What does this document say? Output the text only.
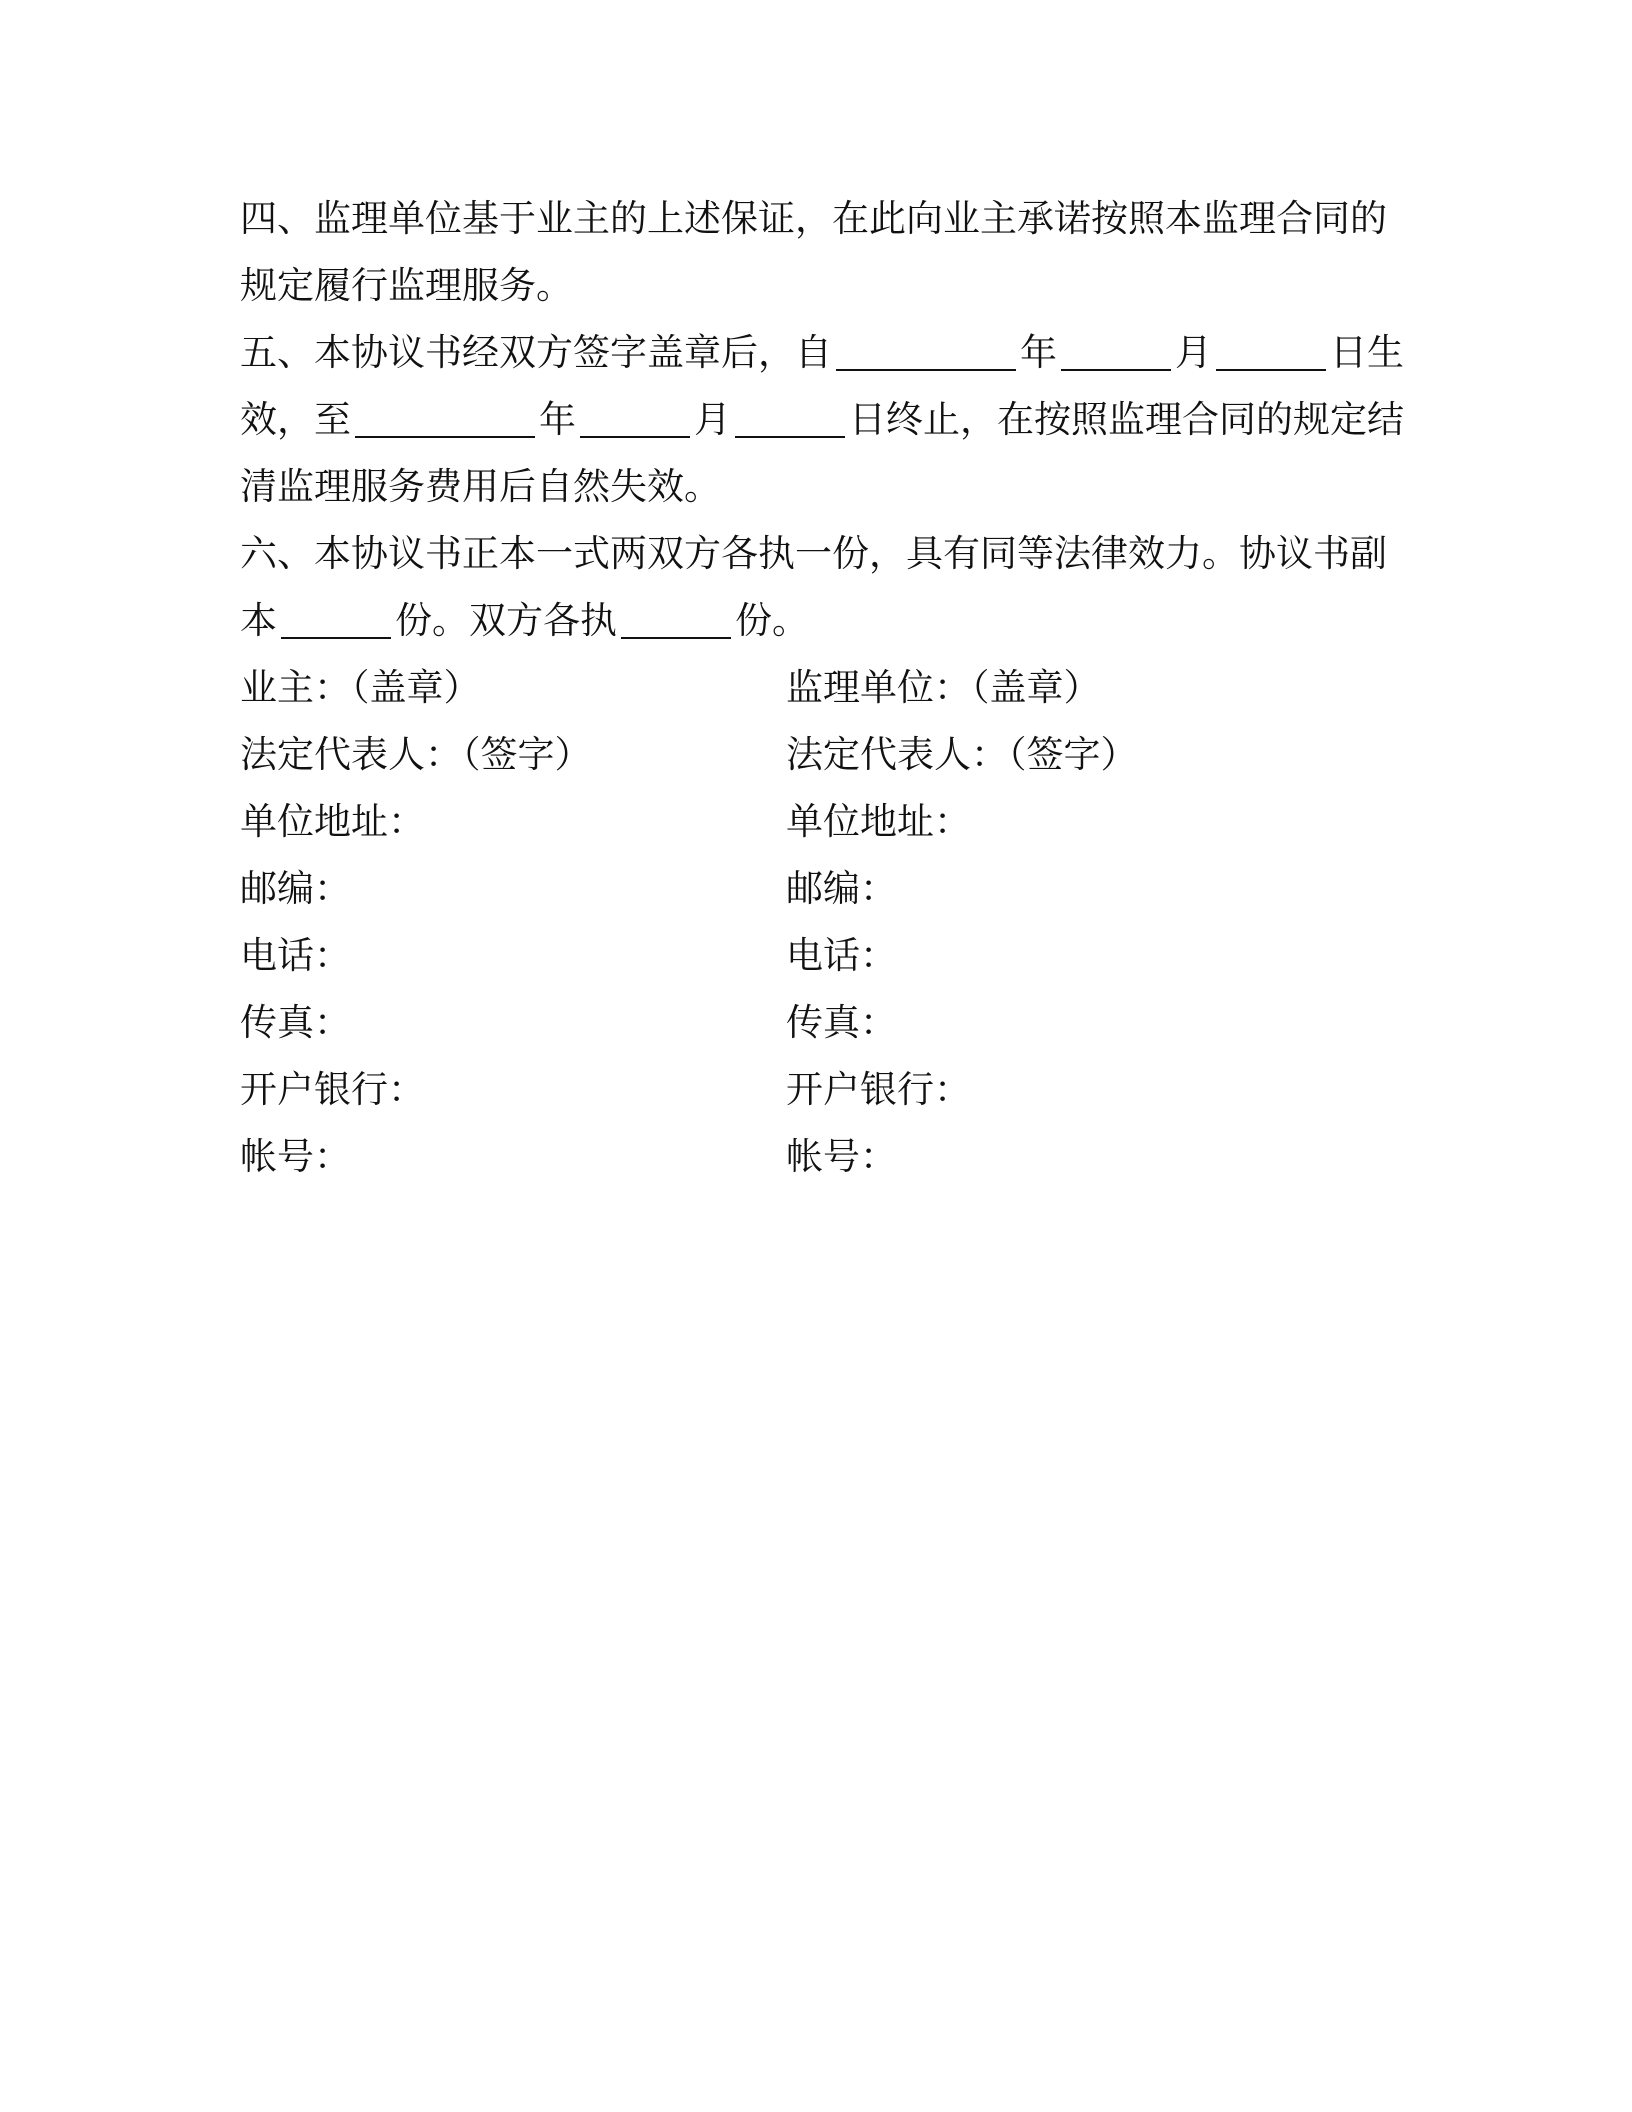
四、监理单位基于业主的上述保证，在此向业主承诺按照本监理合同的
规定履行监理服务。
五、本协议书经双方签字盖章后，自	年	月	日生
效，至	年	月	日终止，在按照监理合同的规定结
清监理服务费用后自然失效。
六、本协议书正本一式两双方各执一份，具有同等法律效力。协议书副
本	份。双方各执	份。
业主：（盖章）	监理单位：（盖章）
法定代表人：（签字）	法定代表人：（签字）
单位地址：	单位地址：
邮编：	邮编：
电话：	电话：
传真：	传真：
开户银行：	开户银行：
帐号：	帐号：
